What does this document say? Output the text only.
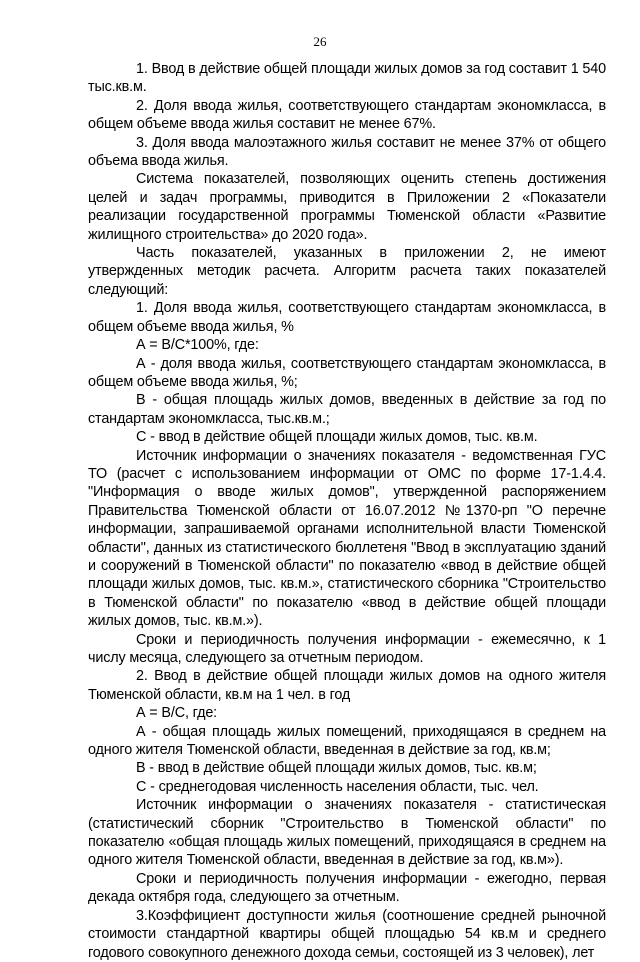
26

1. Ввод в действие общей площади жилых домов за год составит 1 540 тыс.кв.м.

2. Доля ввода жилья, соответствующего стандартам экономкласса, в общем объеме ввода жилья составит не менее 67%.

3. Доля ввода малоэтажного жилья составит не менее 37% от общего объема ввода жилья.

Система показателей, позволяющих оценить степень достижения целей и задач программы, приводится в Приложении 2 «Показатели реализации государственной программы Тюменской области «Развитие жилищного строительства» до 2020 года».

Часть показателей, указанных в приложении 2, не имеют утвержденных методик расчета. Алгоритм расчета таких показателей следующий:

1. Доля ввода жилья, соответствующего стандартам экономкласса, в общем объеме ввода жилья, %

А = В/С*100%, где:

А - доля ввода жилья, соответствующего стандартам экономкласса, в общем объеме ввода жилья, %;

В - общая площадь жилых домов, введенных в действие за год по стандартам экономкласса, тыс.кв.м.;

С - ввод в действие общей площади жилых домов, тыс. кв.м.

Источник информации о значениях показателя - ведомственная ГУС ТО (расчет с использованием информации от ОМС по форме 17-1.4.4. "Информация о вводе жилых домов", утвержденной распоряжением Правительства Тюменской области от 16.07.2012 №1370-рп "О перечне информации, запрашиваемой органами исполнительной власти Тюменской области", данных из статистического бюллетеня "Ввод в эксплуатацию зданий и сооружений в Тюменской области" по показателю «ввод в действие общей площади жилых домов, тыс. кв.м.», статистического сборника "Строительство в Тюменской области" по показателю «ввод в действие общей площади жилых домов, тыс. кв.м.»).

Сроки и периодичность получения информации - ежемесячно, к 1 числу месяца, следующего за отчетным периодом.

2. Ввод в действие общей площади жилых домов на одного жителя Тюменской области, кв.м на 1 чел. в год

А = В/С, где:

А - общая площадь жилых помещений, приходящаяся в среднем на одного жителя Тюменской области, введенная в действие за год, кв.м;

В - ввод в действие общей площади жилых домов, тыс. кв.м;

С - среднегодовая численность населения области, тыс. чел.

Источник информации о значениях показателя - статистическая (статистический сборник "Строительство в Тюменской области" по показателю «общая площадь жилых помещений, приходящаяся в среднем на одного жителя Тюменской области, введенная в действие за год, кв.м»).

Сроки и периодичность получения информации - ежегодно, первая декада октября года, следующего за отчетным.

3.Коэффициент доступности жилья (соотношение средней рыночной стоимости стандартной квартиры общей площадью 54 кв.м и среднего годового совокупного денежного дохода семьи, состоящей из 3 человек), лет
